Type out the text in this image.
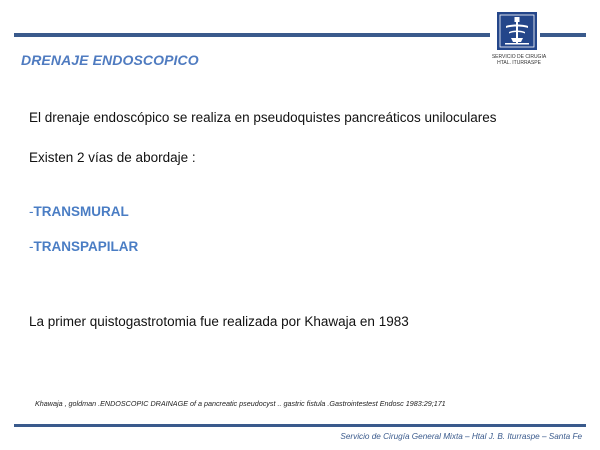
SERVICIO DE CIRUGIA
HTAL. ITURRASPE
DRENAJE ENDOSCOPICO
El drenaje endoscópico se realiza en pseudoquistes pancreáticos uniloculares
Existen 2 vías de abordaje :
-TRANSMURAL
-TRANSPAPILAR
La primer quistogastrotomia fue realizada por Khawaja en 1983
Khawaja , goldman .ENDOSCOPIC DRAINAGE of a pancreatic pseudocyst .. gastric fistula .Gastrointestest Endosc 1983:29;171
Servicio de Cirugía General Mixta – Htal J. B. Iturraspe – Santa Fe
